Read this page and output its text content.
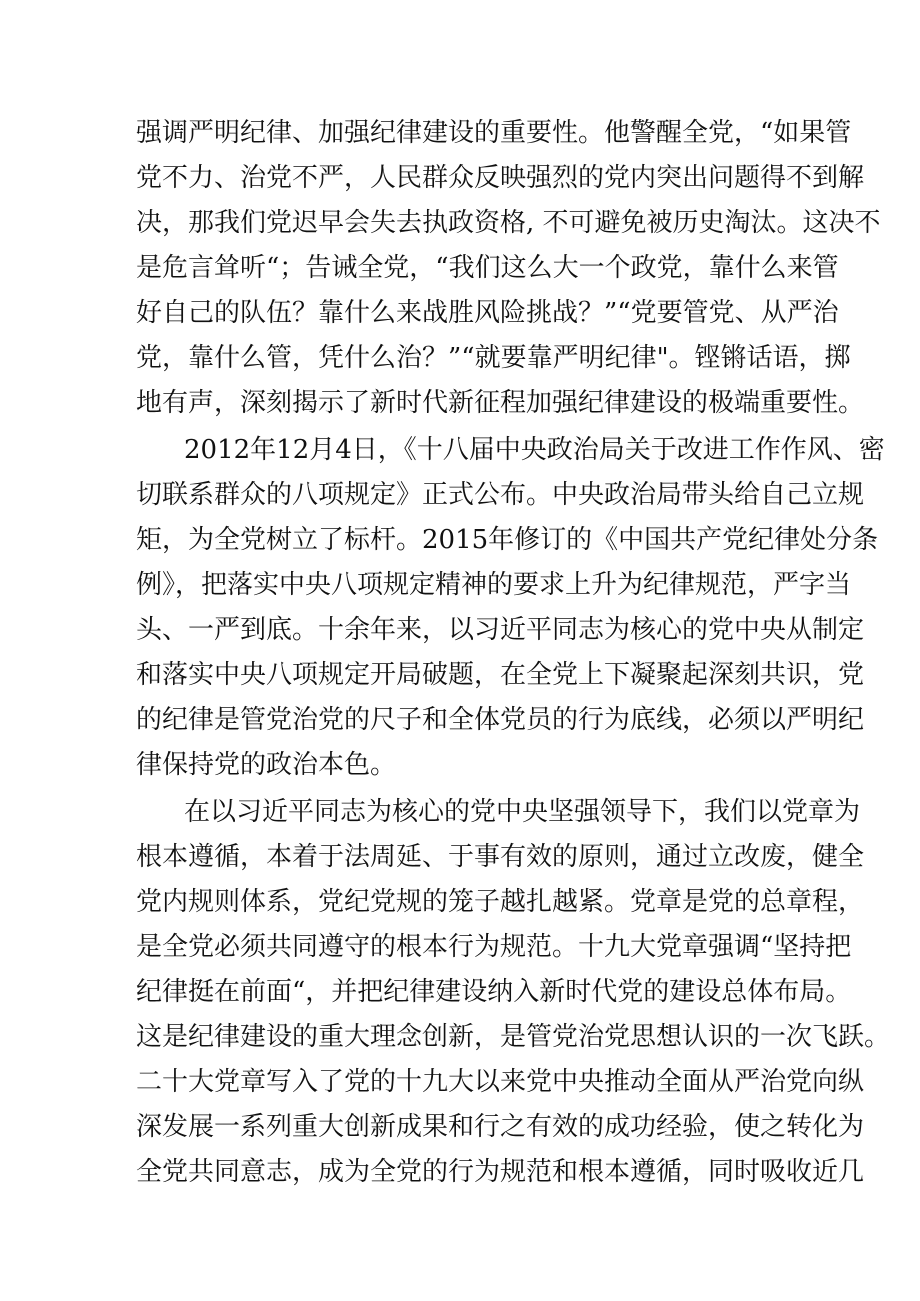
强调严明纪律、加强纪律建设的重要性。他警醒全党，“如果管
党不力、治党不严，人民群众反映强烈的党内突出问题得不到解
决，那我们党迟早会失去执政资格, 不可避免被历史淘汰。这决不
是危言耸听“；告诫全党，“我们这么大一个政党，靠什么来管
好自己的队伍？靠什么来战胜风险挑战？”“党要管党、从严治
党，靠什么管，凭什么治？”“就要靠严明纪律"。铿锵话语，掷
地有声，深刻揭示了新时代新征程加强纪律建设的极端重要性。
2012年12月4日，《十八届中央政治局关于改进工作作风、密
切联系群众的八项规定》正式公布。中央政治局带头给自己立规
矩，为全党树立了标杆。2015年修订的《中国共产党纪律处分条
例》，把落实中央八项规定精神的要求上升为纪律规范，严字当
头、一严到底。十余年来，以习近平同志为核心的党中央从制定
和落实中央八项规定开局破题，在全党上下凝聚起深刻共识，党
的纪律是管党治党的尺子和全体党员的行为底线，必须以严明纪
律保持党的政治本色。
在以习近平同志为核心的党中央坚强领导下，我们以党章为
根本遵循，本着于法周延、于事有效的原则，通过立改废，健全
党内规则体系，党纪党规的笼子越扎越紧。党章是党的总章程，
是全党必须共同遵守的根本行为规范。十九大党章强调“坚持把
纪律挺在前面“，并把纪律建设纳入新时代党的建设总体布局。
这是纪律建设的重大理念创新，是管党治党思想认识的一次飞跃。
二十大党章写入了党的十九大以来党中央推动全面从严治党向纵
深发展一系列重大创新成果和行之有效的成功经验，使之转化为
全党共同意志，成为全党的行为规范和根本遵循，同时吸收近几
